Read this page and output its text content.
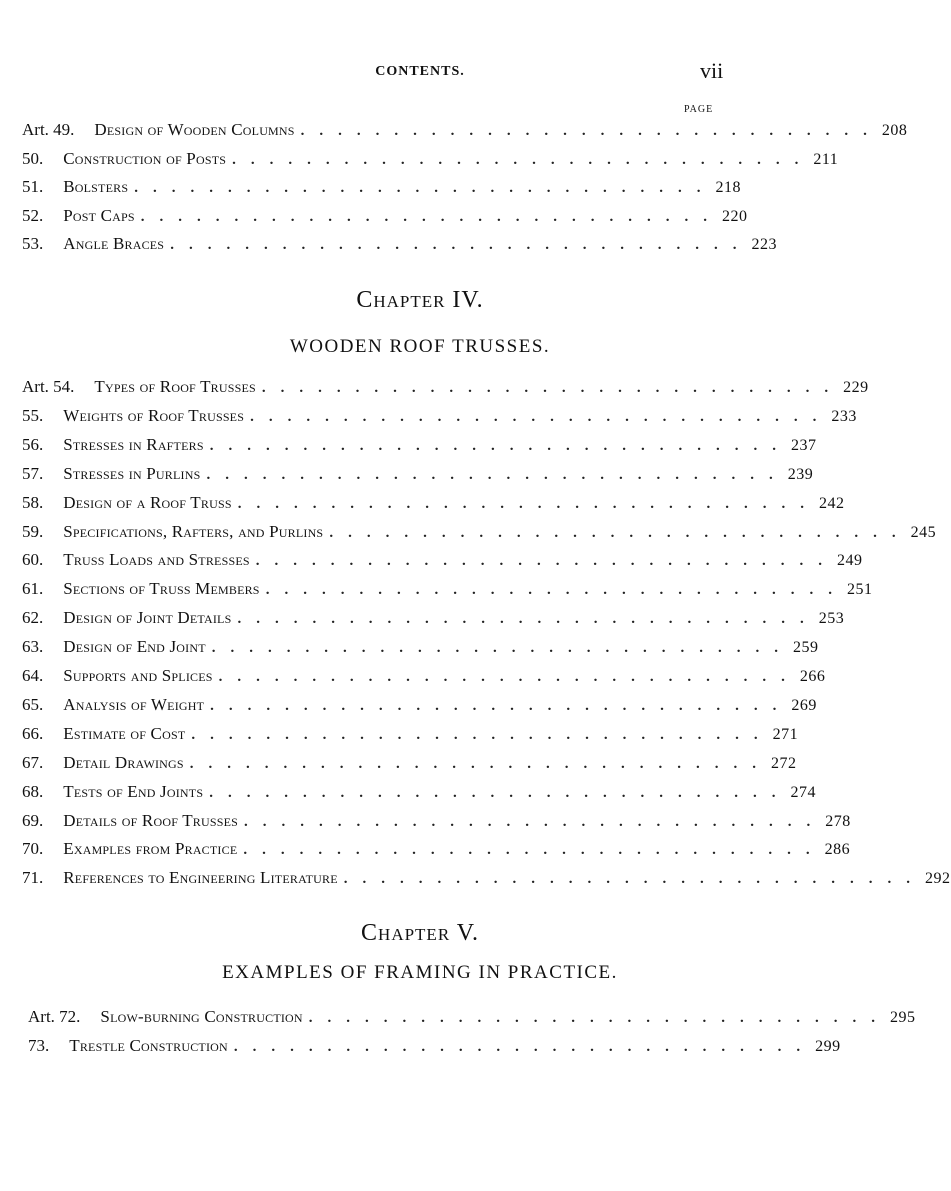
CONTENTS.	vii
PAGE
Chapter IV.
WOODEN ROOF TRUSSES.
Chapter V.
EXAMPLES OF FRAMING IN PRACTICE.
Art. 49. Design of Wooden Columns ............................... 208
50. Construction of Posts ............................... 211
51. Bolsters ............................... 218
52. Post Caps ............................... 220
53. Angle Braces ............................... 223
Art. 54. Types of Roof Trusses ............................... 229
55. Weights of Roof Trusses ............................... 233
56. Stresses in Rafters ............................... 237
57. Stresses in Purlins ............................... 239
58. Design of a Roof Truss ............................... 242
59. Specifications, Rafters, and Purlins ............................... 245
60. Truss Loads and Stresses ............................... 249
61. Sections of Truss Members ............................... 251
62. Design of Joint Details ............................... 253
63. Design of End Joint ............................... 259
64. Supports and Splices ............................... 266
65. Analysis of Weight ............................... 269
66. Estimate of Cost ............................... 271
67. Detail Drawings ............................... 272
68. Tests of End Joints ............................... 274
69. Details of Roof Trusses ............................... 278
70. Examples from Practice ............................... 286
71. References to Engineering Literature ............................... 292
Art. 72. Slow-burning Construction ............................... 295
73. Trestle Construction ............................... 299
